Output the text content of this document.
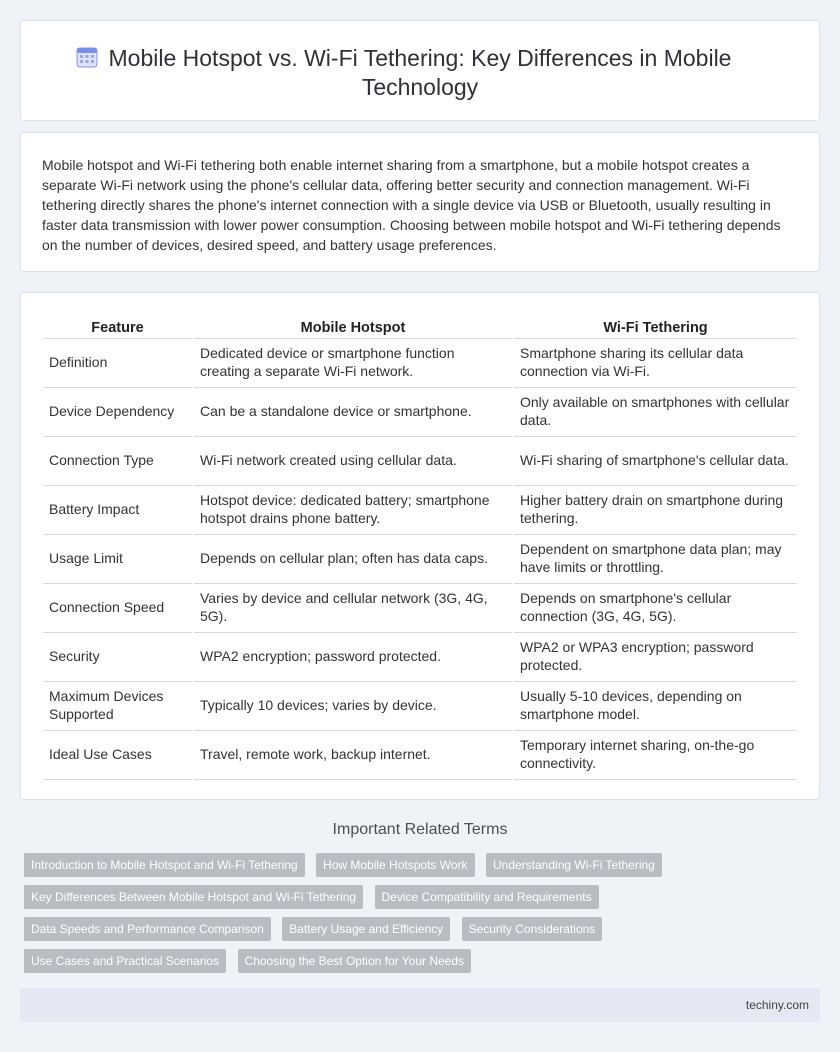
Mobile Hotspot vs. Wi-Fi Tethering: Key Differences in Mobile Technology

Mobile hotspot and Wi-Fi tethering both enable internet sharing from a smartphone, but a mobile hotspot creates a separate Wi-Fi network using the phone's cellular data, offering better security and connection management. Wi-Fi tethering directly shares the phone's internet connection with a single device via USB or Bluetooth, usually resulting in faster data transmission with lower power consumption. Choosing between mobile hotspot and Wi-Fi tethering depends on the number of devices, desired speed, and battery usage preferences.

Feature	Mobile Hotspot	Wi-Fi Tethering
Definition	Dedicated device or smartphone function creating a separate Wi-Fi network.	Smartphone sharing its cellular data connection via Wi-Fi.
Device Dependency	Can be a standalone device or smartphone.	Only available on smartphones with cellular data.
Connection Type	Wi-Fi network created using cellular data.	Wi-Fi sharing of smartphone's cellular data.
Battery Impact	Hotspot device: dedicated battery; smartphone hotspot drains phone battery.	Higher battery drain on smartphone during tethering.
Usage Limit	Depends on cellular plan; often has data caps.	Dependent on smartphone data plan; may have limits or throttling.
Connection Speed	Varies by device and cellular network (3G, 4G, 5G).	Depends on smartphone's cellular connection (3G, 4G, 5G).
Security	WPA2 encryption; password protected.	WPA2 or WPA3 encryption; password protected.
Maximum Devices Supported	Typically 10 devices; varies by device.	Usually 5-10 devices, depending on smartphone model.
Ideal Use Cases	Travel, remote work, backup internet.	Temporary internet sharing, on-the-go connectivity.
Important Related Terms
Introduction to Mobile Hotspot and Wi-Fi Tethering How Mobile Hotspots Work Understanding Wi-Fi Tethering Key Differences Between Mobile Hotspot and Wi-Fi Tethering Device Compatibility and Requirements Data Speeds and Performance Comparison Battery Usage and Efficiency Security Considerations Use Cases and Practical Scenarios Choosing the Best Option for Your Needs
techiny.com
